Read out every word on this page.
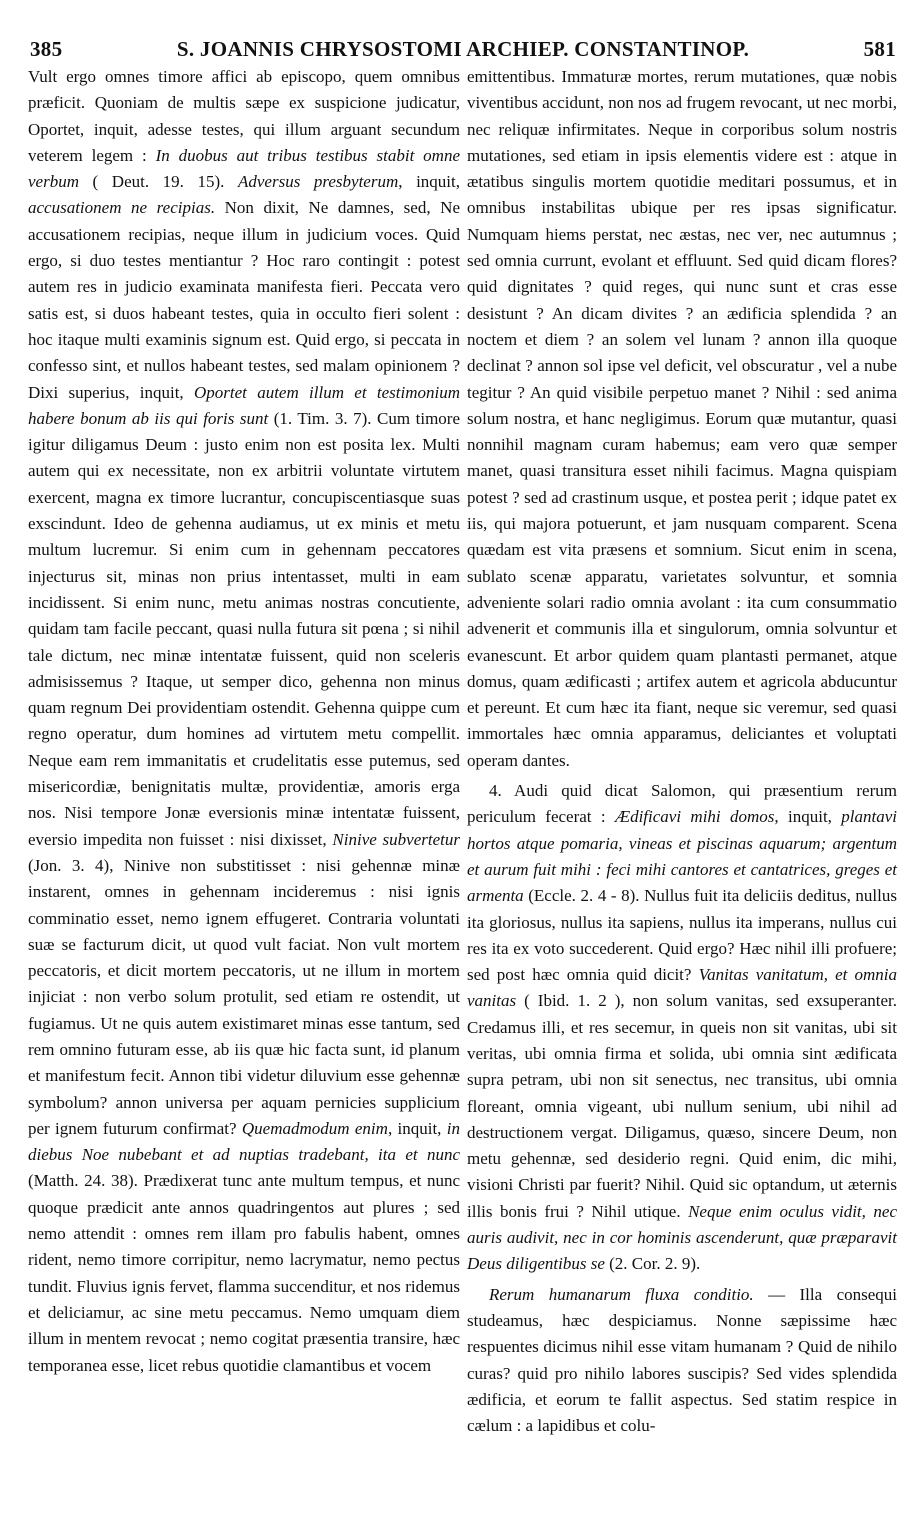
385	S. JOANNIS CHRYSOSTOMI ARCHIEP. CONSTANTINOP.	581

Vult ergo omnes timore affici ab episcopo, quem omnibus præficit. Quoniam de multis sæpe ex suspicione judicatur, Oportet, inquit, adesse testes, qui illum arguant secundum veterem legem : In duobus aut tribus testibus stabit omne verbum ( Deut. 19. 15). Adversus presbyterum, inquit, accusationem ne recipias. Non dixit, Ne damnes, sed, Ne accusationem recipias, neque illum in judicium voces. Quid ergo, si duo testes mentiantur ? Hoc raro contingit : potest autem res in judicio examinata manifesta fieri. Peccata vero satis est, si duos habeant testes, quia in occulto fieri solent : hoc itaque multi examinis signum est. Quid ergo, si peccata in confesso sint, et nullos habeant testes, sed malam opinionem ? Dixi superius, inquit, Oportet autem illum et testimonium habere bonum ab iis qui foris sunt (1. Tim. 3. 7). Cum timore igitur diligamus Deum : justo enim non est posita lex. Multi autem qui ex necessitate, non ex arbitrii voluntate virtutem exercent, magna ex timore lucrantur, concupiscentiasque suas exscindunt. Ideo de gehenna audiamus, ut ex minis et metu multum lucremur. Si enim cum in gehennam peccatores injecturus sit, minas non prius intentasset, multi in eam incidissent. Si enim nunc, metu animas nostras concutiente, quidam tam facile peccant, quasi nulla futura sit pœna ; si nihil tale dictum, nec minæ intentatæ fuissent, quid non sceleris admisissemus ? Itaque, ut semper dico, gehenna non minus quam regnum Dei providentiam ostendit. Gehenna quippe cum regno operatur, dum homines ad virtutem metu compellit. Neque eam rem immanitatis et crudelitatis esse putemus, sed misericordiæ, benignitatis multæ, providentiæ, amoris erga nos. Nisi tempore Jonæ eversionis minæ intentatæ fuissent, eversio impedita non fuisset : nisi dixisset, Ninive subvertetur (Jon. 3. 4), Ninive non substitisset : nisi gehennæ minæ instarent, omnes in gehennam incideremus : nisi ignis comminatio esset, nemo ignem effugeret. Contraria voluntati suæ se facturum dicit, ut quod vult faciat. Non vult mortem peccatoris, et dicit mortem peccatoris, ut ne illum in mortem injiciat : non verbo solum protulit, sed etiam re ostendit, ut fugiamus. Ut ne quis autem existimaret minas esse tantum, sed rem omnino futuram esse, ab iis quæ hic facta sunt, id planum et manifestum fecit. Annon tibi videtur diluvium esse gehennæ symbolum? annon universa per aquam pernicies supplicium per ignem futurum confirmat? Quemadmodum enim, inquit, in diebus Noe nubebant et ad nuptias tradebant, ita et nunc (Matth. 24. 38). Prædixerat tunc ante multum tempus, et nunc quoque prædicit ante annos quadringentos aut plures ; sed nemo attendit : omnes rem illam pro fabulis habent, omnes rident, nemo timore corripitur, nemo lacrymatur, nemo pectus tundit. Fluvius ignis fervet, flamma succenditur, et nos ridemus et deliciamur, ac sine metu peccamus. Nemo umquam diem illum in mentem revocat ; nemo cogitat præsentia transire, hæc temporanea esse, licet rebus quotidie clamantibus et vocem

emittentibus. Immaturæ mortes, rerum mutationes, quæ nobis viventibus accidunt, non nos ad frugem revocant, ut nec morbi, nec reliquæ infirmitates. Neque in corporibus solum nostris mutationes, sed etiam in ipsis elementis videre est : atque in ætatibus singulis mortem quotidie meditari possumus, et in omnibus instabilitas ubique per res ipsas significatur. Numquam hiems perstat, nec æstas, nec ver, nec autumnus ; sed omnia currunt, evolant et effluunt. Sed quid dicam flores? quid dignitates ? quid reges, qui nunc sunt et cras esse desistunt ? An dicam divites ? an ædificia splendida ? an noctem et diem ? an solem vel lunam ? annon illa quoque declinat ? annon sol ipse vel deficit, vel obscuratur , vel a nube tegitur ? An quid visibile perpetuo manet ? Nihil : sed anima solum nostra, et hanc negligimus. Eorum quæ mutantur, quasi nonnihil magnam curam habemus; eam vero quæ semper manet, quasi transitura esset nihili facimus. Magna quispiam potest ? sed ad crastinum usque, et postea perit ; idque patet ex iis, qui majora potuerunt, et jam nusquam comparent. Scena quædam est vita præsens et somnium. Sicut enim in scena, sublato scenæ apparatu, varietates solvuntur, et somnia adveniente solari radio omnia avolant : ita cum consummatio advenerit et communis illa et singulorum, omnia solvuntur et evanescunt. Et arbor quidem quam plantasti permanet, atque domus, quam ædificasti ; artifex autem et agricola abducuntur et pereunt. Et cum hæc ita fiant, neque sic veremur, sed quasi immortales hæc omnia apparamus, deliciantes et voluptati operam dantes.

4. Audi quid dicat Salomon, qui præsentium rerum periculum fecerat : Ædificavi mihi domos, inquit, plantavi hortos atque pomaria, vineas et piscinas aquarum; argentum et aurum fuit mihi : feci mihi cantores et cantatrices, greges et armenta (Eccle. 2. 4 - 8). Nullus fuit ita deliciis deditus, nullus ita gloriosus, nullus ita sapiens, nullus ita imperans, nullus cui res ita ex voto succederent. Quid ergo? Hæc nihil illi profuere; sed post hæc omnia quid dicit? Vanitas vanitatum, et omnia vanitas ( Ibid. 1. 2 ), non solum vanitas, sed exsuperanter. Credamus illi, et res secemur, in queis non sit vanitas, ubi sit veritas, ubi omnia firma et solida, ubi omnia sint ædificata supra petram, ubi non sit senectus, nec transitus, ubi omnia floreant, omnia vigeant, ubi nullum senium, ubi nihil ad destructionem vergat. Diligamus, quæso, sincere Deum, non metu gehennæ, sed desiderio regni. Quid enim, dic mihi, visioni Christi par fuerit? Nihil. Quid sic optandum, ut æternis illis bonis frui ? Nihil utique. Neque enim oculus vidit, nec auris audivit, nec in cor hominis ascenderunt, quæ præparavit Deus diligentibus se (2. Cor. 2. 9).

Rerum humanarum fluxa conditio. — Illa consequi studeamus, hæc despiciamus. Nonne sæpissime hæc respuentes dicimus nihil esse vitam humanam ? Quid de nihilo curas? quid pro nihilo labores suscipis? Sed vides splendida ædificia, et eorum te fallit aspectus. Sed statim respice in cælum : a lapidibus et colu-
